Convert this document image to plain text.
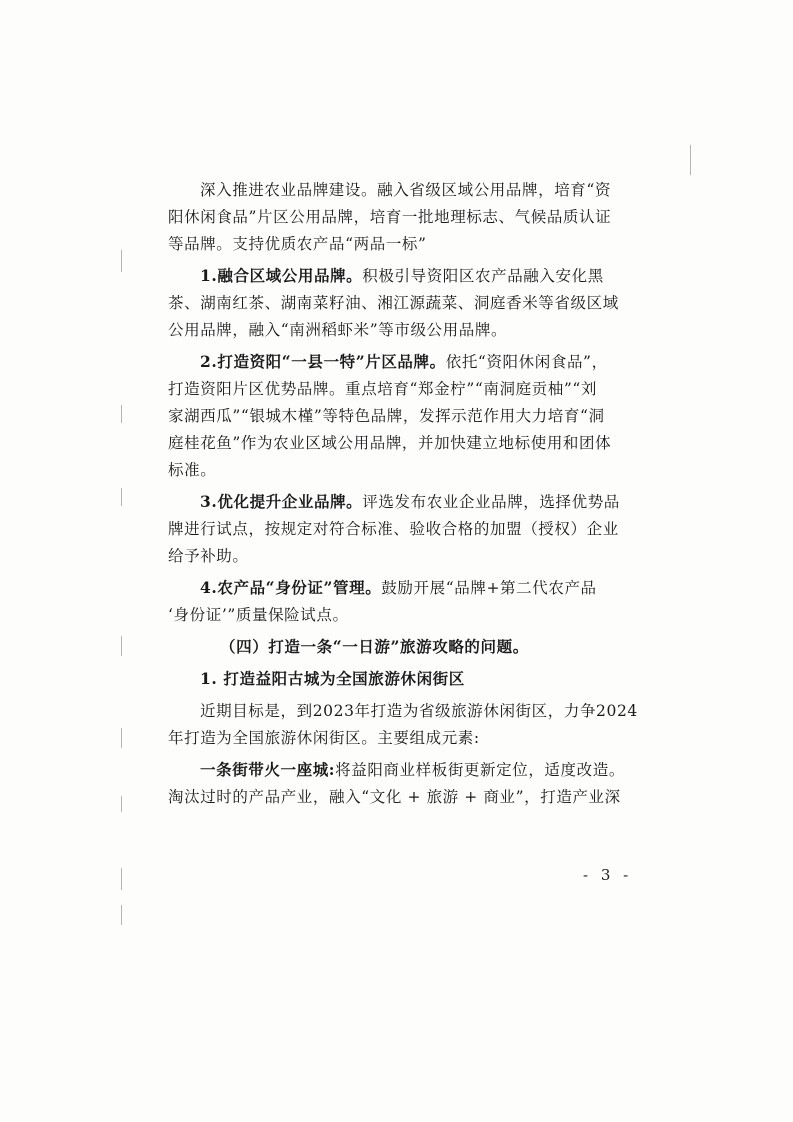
深入推进农业品牌建设。融入省级区域公用品牌，培育“资
阳休闲食品”片区公用品牌，培育一批地理标志、气候品质认证
等品牌。支持优质农产品“两品一标”
1.融合区域公用品牌。积极引导资阳区农产品融入安化黑
茶、湖南红茶、湖南菜籽油、湘江源蔬菜、洞庭香米等省级区域
公用品牌，融入“南洲稻虾米”等市级公用品牌。
2.打造资阳“一县一特”片区品牌。依托“资阳休闲食品”，
打造资阳片区优势品牌。重点培育“郑金柠”“南洞庭贡柚”“刘
家湖西瓜”“银城木槿”等特色品牌，发挥示范作用大力培育“洞
庭桂花鱼”作为农业区域公用品牌，并加快建立地标使用和团体
标准。
3.优化提升企业品牌。评选发布农业企业品牌，选择优势品
牌进行试点，按规定对符合标准、验收合格的加盟（授权）企业
给予补助。
4.农产品“身份证”管理。鼓励开展“品牌+第二代农产品
‘身份证’”质量保险试点。
（四）打造一条“一日游”旅游攻略的问题。
1. 打造益阳古城为全国旅游休闲街区
近期目标是，到2023年打造为省级旅游休闲街区，力争2024
年打造为全国旅游休闲街区。主要组成元素:
一条街带火一座城:将益阳商业样板街更新定位，适度改造。
淘汰过时的产品产业，融入“文化 + 旅游 + 商业”，打造产业深
- 3 -
